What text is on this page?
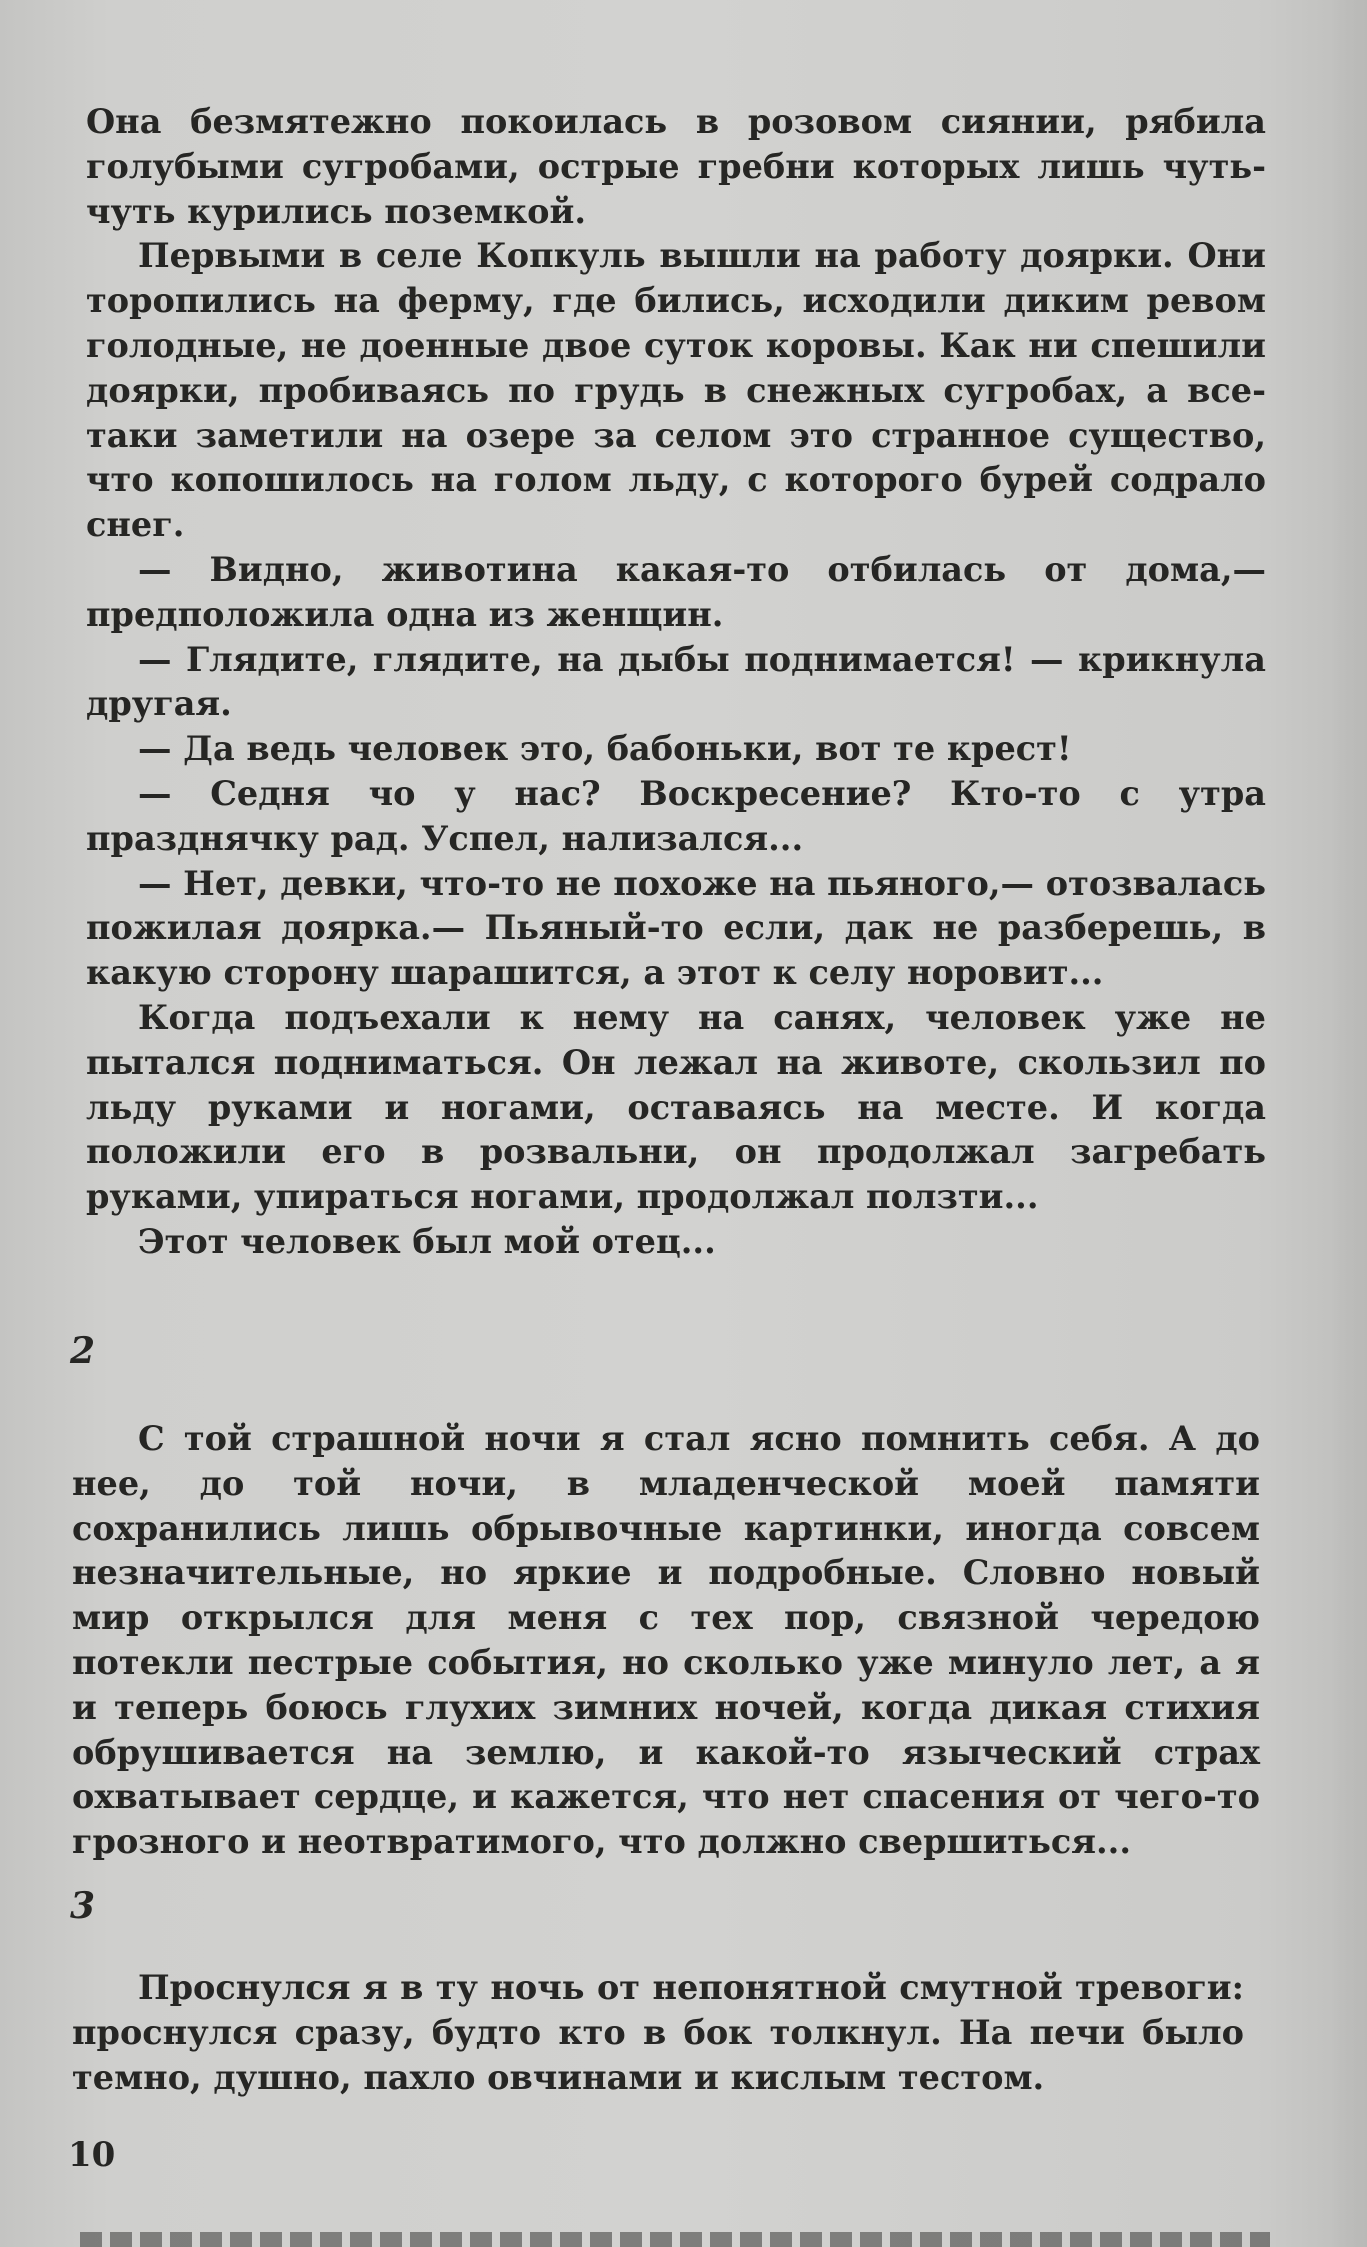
Она безмятежно покоилась в розовом сиянии, рябила голубыми сугробами, острые гребни которых лишь чуть-чуть курились поземкой.

Первыми в селе Копкуль вышли на работу доярки. Они торопились на ферму, где бились, исходили диким ревом голодные, не доенные двое суток коровы. Как ни спешили доярки, пробиваясь по грудь в снежных сугробах, а все-таки заметили на озере за селом это странное существо, что копошилось на голом льду, с которого бурей содрало снег.

— Видно, животина какая-то отбилась от дома,— предположила одна из женщин.

— Глядите, глядите, на дыбы поднимается! — крикнула другая.

— Да ведь человек это, бабоньки, вот те крест!

— Седня чо у нас? Воскресение? Кто-то с утра празднячку рад. Успел, нализался...

— Нет, девки, что-то не похоже на пьяного,— отозвалась пожилая доярка.— Пьяный-то если, дак не разберешь, в какую сторону шарашится, а этот к селу норовит...

Когда подъехали к нему на санях, человек уже не пытался подниматься. Он лежал на животе, скользил по льду руками и ногами, оставаясь на месте. И когда положили его в розвальни, он продолжал загребать руками, упираться ногами, продолжал ползти...

Этот человек был мой отец...

2

С той страшной ночи я стал ясно помнить себя. А до нее, до той ночи, в младенческой моей памяти сохранились лишь обрывочные картинки, иногда совсем незначительные, но яркие и подробные. Словно новый мир открылся для меня с тех пор, связной чередою потекли пестрые события, но сколько уже минуло лет, а я и теперь боюсь глухих зимних ночей, когда дикая стихия обрушивается на землю, и какой-то языческий страх охватывает сердце, и кажется, что нет спасения от чего-то грозного и неотвратимого, что должно свершиться...

3

Проснулся я в ту ночь от непонятной смутной тревоги: проснулся сразу, будто кто в бок толкнул. На печи было темно, душно, пахло овчинами и кислым тестом.

10
